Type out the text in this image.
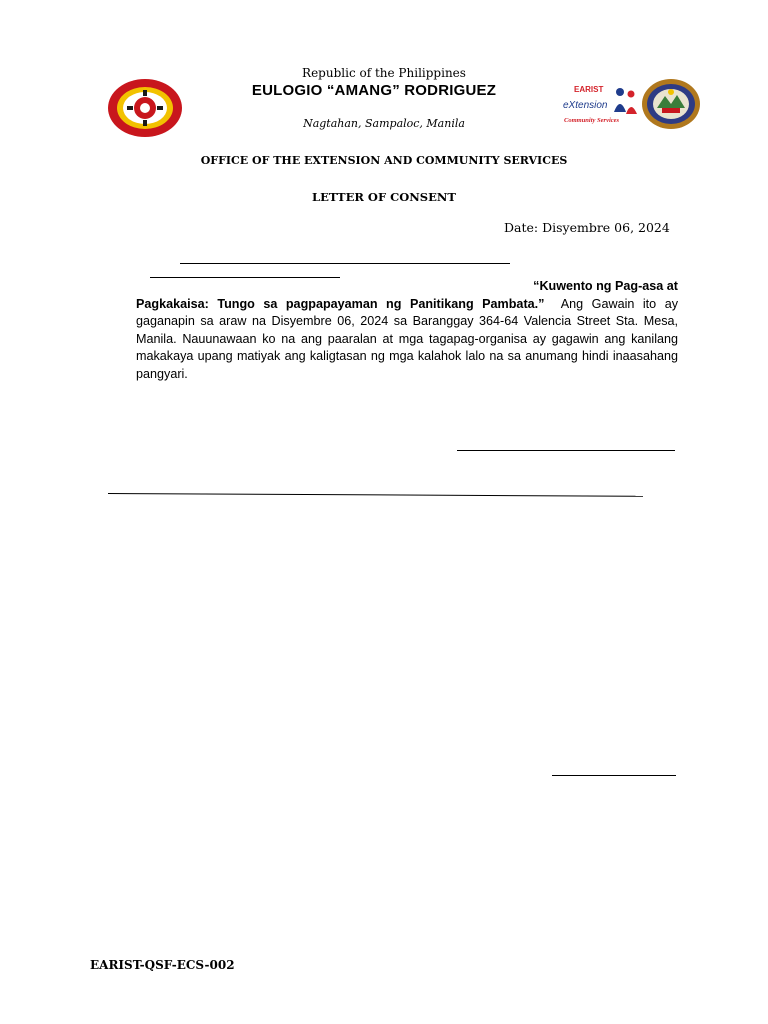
Republic of the Philippines
EULOGIO “AMANG” RODRIGUEZ
Nagtahan, Sampaloc, Manila
EARIST
eXtension
Community Services
OFFICE OF THE EXTENSION AND COMMUNITY SERVICES
LETTER OF CONSENT
Date: Disyembre 06, 2024
“Kuwento ng Pag-asa at
Pagkakaisa: Tungo sa pagpapayaman ng Panitikang Pambata.” Ang Gawain ito ay gaganapin sa araw na Disyembre 06, 2024 sa Baranggay 364-64 Valencia Street Sta. Mesa, Manila. Nauunawaan ko na ang paaralan at mga tagapag-organisa ay gagawin ang kanilang makakaya upang matiyak ang kaligtasan ng mga kalahok lalo na sa anumang hindi inaasahang pangyari.
EARIST-QSF-ECS-002
